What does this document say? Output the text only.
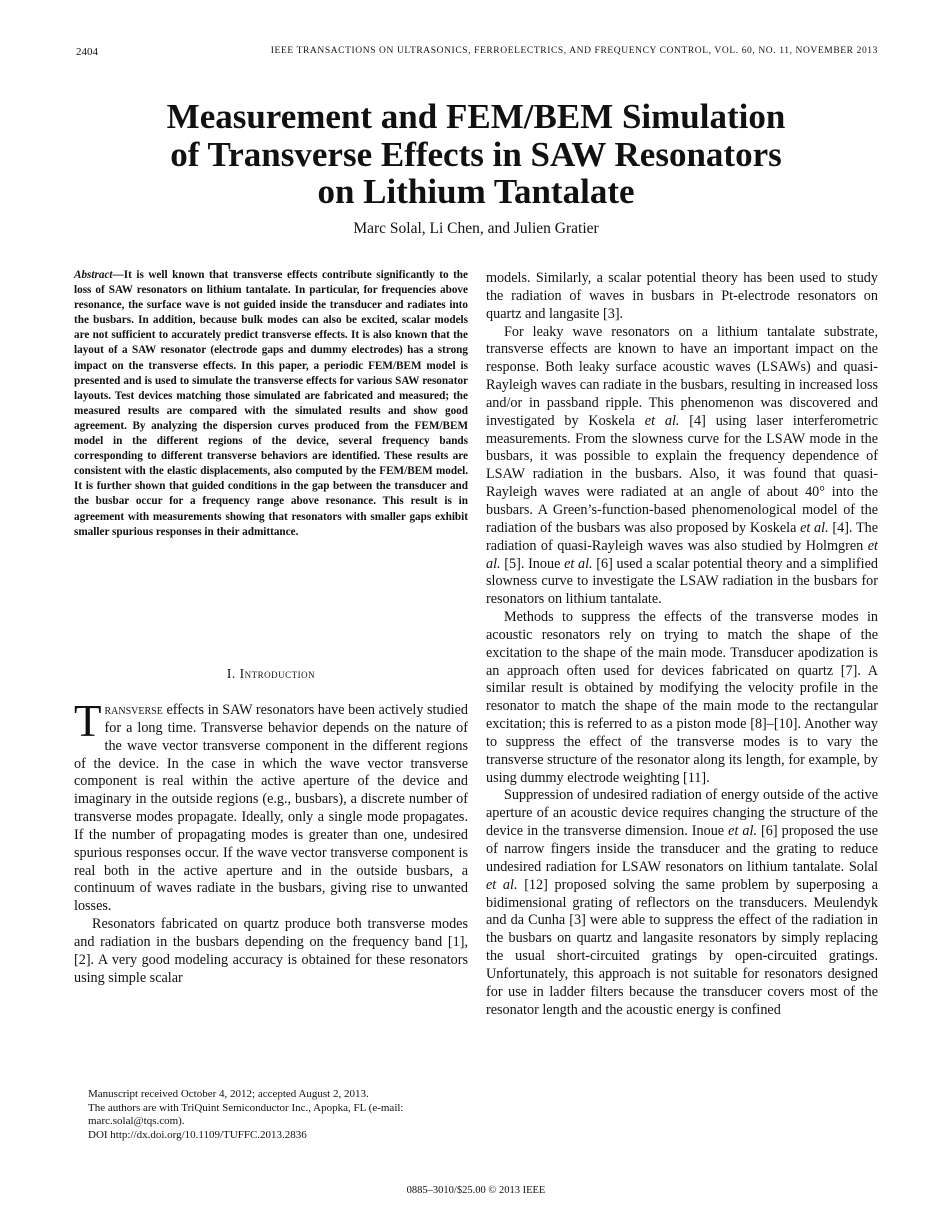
2404	IEEE TRANSACTIONS ON ULTRASONICS, FERROELECTRICS, AND FREQUENCY CONTROL, VOL. 60, NO. 11, NOVEMBER 2013
Measurement and FEM/BEM Simulation
of Transverse Effects in SAW Resonators
on Lithium Tantalate
Marc Solal, Li Chen, and Julien Gratier
Abstract—It is well known that transverse effects contribute significantly to the loss of SAW resonators on lithium tantalate. In particular, for frequencies above resonance, the surface wave is not guided inside the transducer and radiates into the busbars. In addition, because bulk modes can also be excited, scalar models are not sufficient to accurately predict transverse effects. It is also known that the layout of a SAW resonator (electrode gaps and dummy electrodes) has a strong impact on the transverse effects. In this paper, a periodic FEM/BEM model is presented and is used to simulate the transverse effects for various SAW resonator layouts. Test devices matching those simulated are fabricated and measured; the measured results are compared with the simulated results and show good agreement. By analyzing the dispersion curves produced from the FEM/BEM model in the different regions of the device, several frequency bands corresponding to different transverse behaviors are identified. These results are consistent with the elastic displacements, also computed by the FEM/BEM model. It is further shown that guided conditions in the gap between the transducer and the busbar occur for a frequency range above resonance. This result is in agreement with measurements showing that resonators with smaller gaps exhibit smaller spurious responses in their admittance.
I. Introduction

Transverse effects in SAW resonators have been actively studied for a long time. Transverse behavior depends on the nature of the wave vector transverse component in the different regions of the device. In the case in which the wave vector transverse component is real within the active aperture of the device and imaginary in the outside regions (e.g., busbars), a discrete number of transverse modes propagate. Ideally, only a single mode propagates. If the number of propagating modes is greater than one, undesired spurious responses occur. If the wave vector transverse component is real both in the active aperture and in the outside busbars, a continuum of waves radiate in the busbars, giving rise to unwanted losses.

Resonators fabricated on quartz produce both transverse modes and radiation in the busbars depending on the frequency band [1], [2]. A very good modeling accuracy is obtained for these resonators using simple scalar

Manuscript received October 4, 2012; accepted August 2, 2013.
The authors are with TriQuint Semiconductor Inc., Apopka, FL (e-mail: marc.solal@tqs.com).
DOI http://dx.doi.org/10.1109/TUFFC.2013.2836

models. Similarly, a scalar potential theory has been used to study the radiation of waves in busbars in Pt-electrode resonators on quartz and langasite [3].

For leaky wave resonators on a lithium tantalate substrate, transverse effects are known to have an important impact on the response. Both leaky surface acoustic waves (LSAWs) and quasi-Rayleigh waves can radiate in the busbars, resulting in increased loss and/or in passband ripple. This phenomenon was discovered and investigated by Koskela et al. [4] using laser interferometric measurements. From the slowness curve for the LSAW mode in the busbars, it was possible to explain the frequency dependence of LSAW radiation in the busbars. Also, it was found that quasi-Rayleigh waves were radiated at an angle of about 40° into the busbars. A Green’s-function-based phenomenological model of the radiation of the busbars was also proposed by Koskela et al. [4]. The radiation of quasi-Rayleigh waves was also studied by Holmgren et al. [5]. Inoue et al. [6] used a scalar potential theory and a simplified slowness curve to investigate the LSAW radiation in the busbars for resonators on lithium tantalate.

Methods to suppress the effects of the transverse modes in acoustic resonators rely on trying to match the shape of the excitation to the shape of the main mode. Transducer apodization is an approach often used for devices fabricated on quartz [7]. A similar result is obtained by modifying the velocity profile in the resonator to match the shape of the main mode to the rectangular excitation; this is referred to as a piston mode [8]–[10]. Another way to suppress the effect of the transverse modes is to vary the transverse structure of the resonator along its length, for example, by using dummy electrode weighting [11].

Suppression of undesired radiation of energy outside of the active aperture of an acoustic device requires changing the structure of the device in the transverse dimension. Inoue et al. [6] proposed the use of narrow fingers inside the transducer and the grating to reduce undesired radiation for LSAW resonators on lithium tantalate. Solal et al. [12] proposed solving the same problem by superposing a bidimensional grating of reflectors on the transducers. Meulendyk and da Cunha [3] were able to suppress the effect of the radiation in the busbars on quartz and langasite resonators by simply replacing the usual short-circuited gratings by open-circuited gratings. Unfortunately, this approach is not suitable for resonators designed for use in ladder filters because the transducer covers most of the resonator length and the acoustic energy is confined

0885–3010/$25.00 © 2013 IEEE
